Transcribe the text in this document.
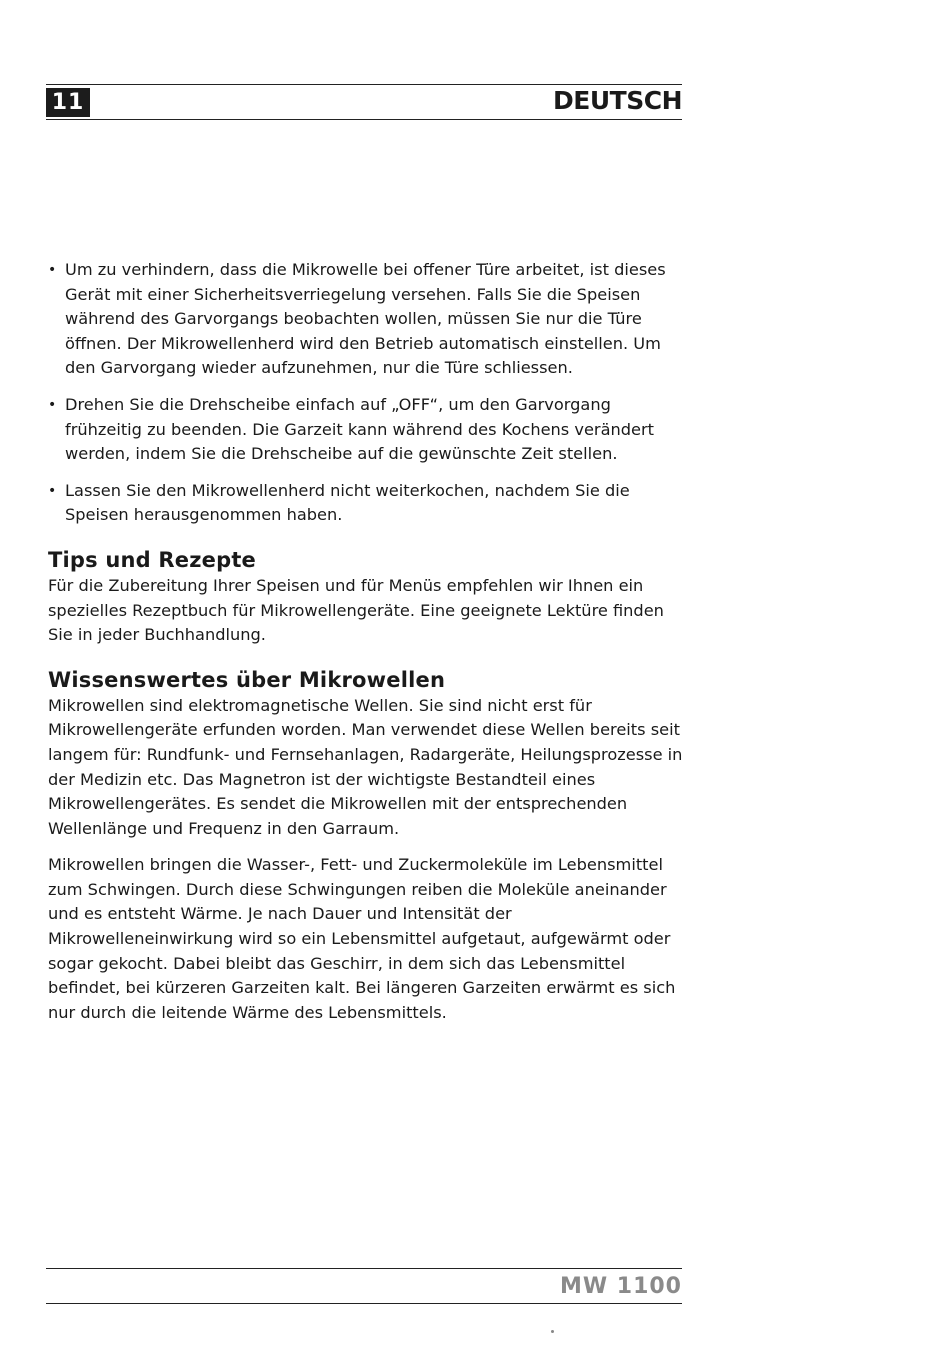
11	DEUTSCH
• Um zu verhindern, dass die Mikrowelle bei offener Türe arbeitet, ist dieses Gerät mit einer Sicherheitsverriegelung versehen. Falls Sie die Speisen während des Garvorgangs beobachten wollen, müssen Sie nur die Türe öffnen. Der Mikrowellenherd wird den Betrieb automatisch einstellen. Um den Garvorgang wieder aufzunehmen, nur die Türe schliessen.
• Drehen Sie die Drehscheibe einfach auf „OFF“, um den Garvorgang frühzeitig zu beenden. Die Garzeit kann während des Kochens verändert werden, indem Sie die Drehscheibe auf die gewünschte Zeit stellen.
• Lassen Sie den Mikrowellenherd nicht weiterkochen, nachdem Sie die Speisen herausgenommen haben.
Tips und Rezepte

Für die Zubereitung Ihrer Speisen und für Menüs empfehlen wir Ihnen ein spezielles Rezeptbuch für Mikrowellengeräte. Eine geeignete Lektüre finden Sie in jeder Buchhandlung.

Wissenswertes über Mikrowellen

Mikrowellen sind elektromagnetische Wellen. Sie sind nicht erst für Mikrowellengeräte erfunden worden. Man verwendet diese Wellen bereits seit langem für: Rundfunk- und Fernsehanlagen, Radargeräte, Heilungsprozesse in der Medizin etc. Das Magnetron ist der wichtigste Bestandteil eines Mikrowellengerätes. Es sendet die Mikrowellen mit der entsprechenden Wellenlänge und Frequenz in den Garraum.

Mikrowellen bringen die Wasser-, Fett- und Zuckermoleküle im Lebensmittel zum Schwingen. Durch diese Schwingungen reiben die Moleküle aneinander und es entsteht Wärme. Je nach Dauer und Intensität der Mikrowelleneinwirkung wird so ein Lebensmittel aufgetaut, aufgewärmt oder sogar gekocht. Dabei bleibt das Geschirr, in dem sich das Lebensmittel befindet, bei kürzeren Garzeiten kalt. Bei längeren Garzeiten erwärmt es sich nur durch die leitende Wärme des Lebensmittels.

MW 1100
